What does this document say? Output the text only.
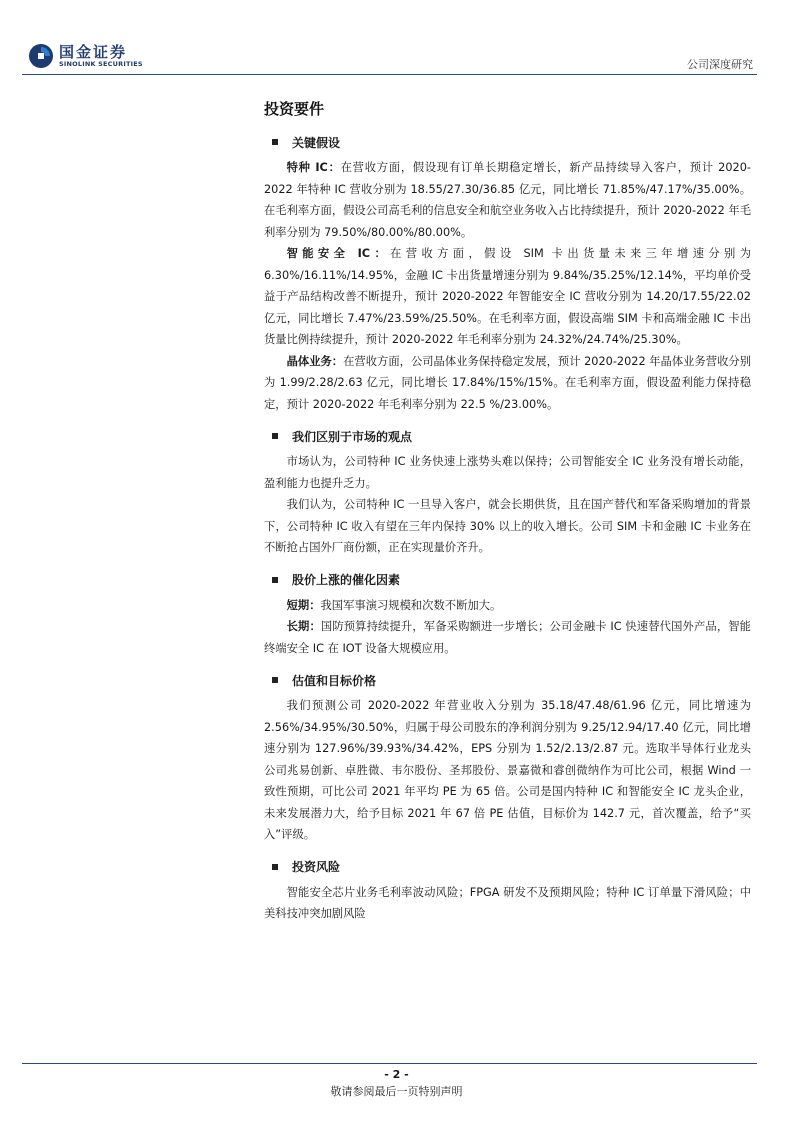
国金证券
SINOLINK SECURITIES	公司深度研究
投资要件
关键假设

特种 IC：在营收方面，假设现有订单长期稳定增长，新产品持续导入客户，预计 2020-2022 年特种 IC 营收分别为 18.55/27.30/36.85 亿元，同比增长 71.85%/47.17%/35.00%。在毛利率方面，假设公司高毛利的信息安全和航空业务收入占比持续提升，预计 2020-2022 年毛利率分别为 79.50%/80.00%/80.00%。

智能安全 IC：在营收方面，假设 SIM 卡出货量未来三年增速分别为 6.30%/16.11%/14.95%，金融 IC 卡出货量增速分别为 9.84%/35.25%/12.14%，平均单价受益于产品结构改善不断提升，预计 2020-2022 年智能安全 IC 营收分别为 14.20/17.55/22.02 亿元，同比增长 7.47%/23.59%/25.50%。在毛利率方面，假设高端 SIM 卡和高端金融 IC 卡出货量比例持续提升，预计 2020-2022 年毛利率分别为 24.32%/24.74%/25.30%。

晶体业务：在营收方面，公司晶体业务保持稳定发展，预计 2020-2022 年晶体业务营收分别为 1.99/2.28/2.63 亿元，同比增长 17.84%/15%/15%。在毛利率方面，假设盈利能力保持稳定，预计 2020-2022 年毛利率分别为 22.5 %/23.00%。

我们区别于市场的观点

市场认为，公司特种 IC 业务快速上涨势头难以保持；公司智能安全 IC 业务没有增长动能，盈利能力也提升乏力。

我们认为，公司特种 IC 一旦导入客户，就会长期供货，且在国产替代和军备采购增加的背景下，公司特种 IC 收入有望在三年内保持 30% 以上的收入增长。公司 SIM 卡和金融 IC 卡业务在不断抢占国外厂商份额，正在实现量价齐升。

股价上涨的催化因素

短期：我国军事演习规模和次数不断加大。

长期：国防预算持续提升，军备采购额进一步增长；公司金融卡 IC 快速替代国外产品，智能终端安全 IC 在 IOT 设备大规模应用。

估值和目标价格

我们预测公司 2020-2022 年营业收入分别为 35.18/47.48/61.96 亿元，同比增速为 2.56%/34.95%/30.50%，归属于母公司股东的净利润分别为 9.25/12.94/17.40 亿元，同比增速分别为 127.96%/39.93%/34.42%，EPS 分别为 1.52/2.13/2.87 元。选取半导体行业龙头公司兆易创新、卓胜微、韦尔股份、圣邦股份、景嘉微和睿创微纳作为可比公司，根据 Wind 一致性预期，可比公司 2021 年平均 PE 为 65 倍。公司是国内特种 IC 和智能安全 IC 龙头企业，未来发展潜力大，给予目标 2021 年 67 倍 PE 估值，目标价为 142.7 元，首次覆盖，给予“买入”评级。

投资风险

智能安全芯片业务毛利率波动风险；FPGA 研发不及预期风险；特种 IC 订单量下滑风险；中美科技冲突加剧风险

- 2 -
敬请参阅最后一页特别声明
